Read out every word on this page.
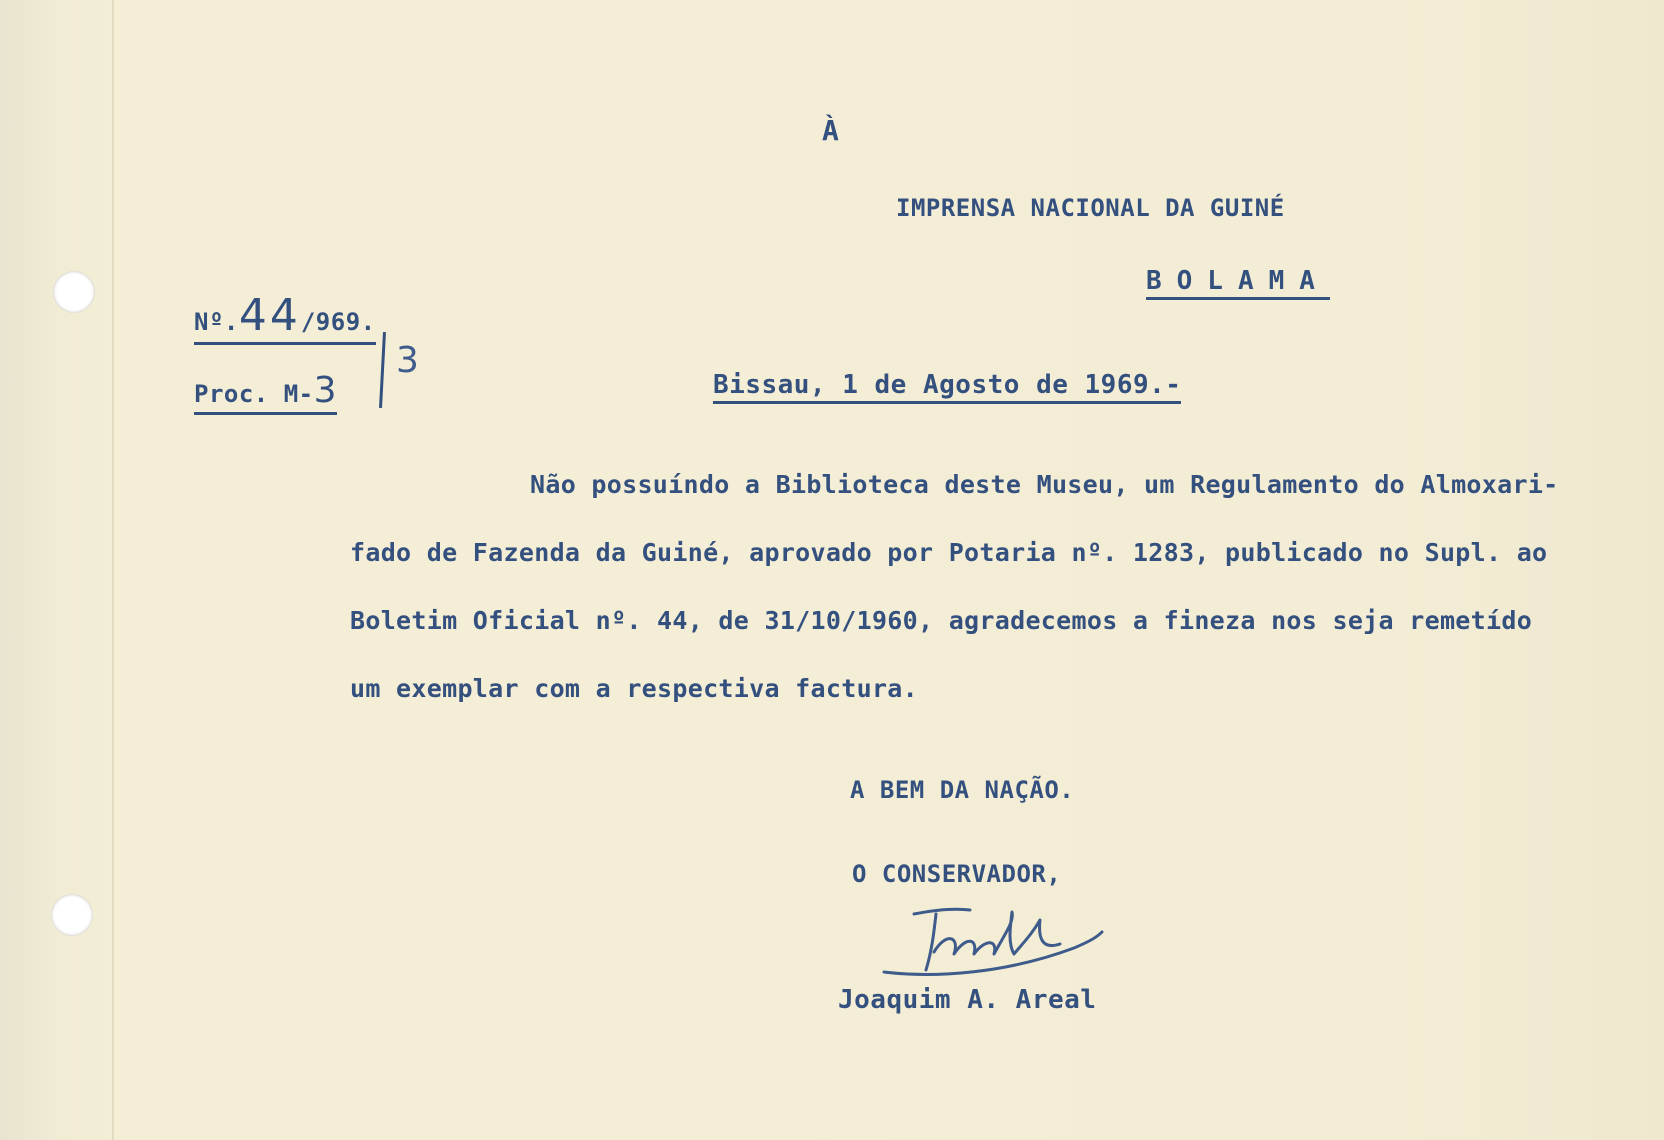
À
IMPRENSA NACIONAL DA GUINÉ
BOLAMA
Nº.44/969.
Proc. M-3
3
Bissau, 1 de Agosto de 1969.-
Não possuíndo a Biblioteca deste Museu, um Regulamento do Almoxari-
fado de Fazenda da Guiné, aprovado por Potaria nº. 1283, publicado no Supl. ao
Boletim Oficial nº. 44, de 31/10/1960, agradecemos a fineza nos seja remetído
um exemplar com a respectiva factura.
A BEM DA NAÇÃO.
O CONSERVADOR,
Joaquim A. Areal
